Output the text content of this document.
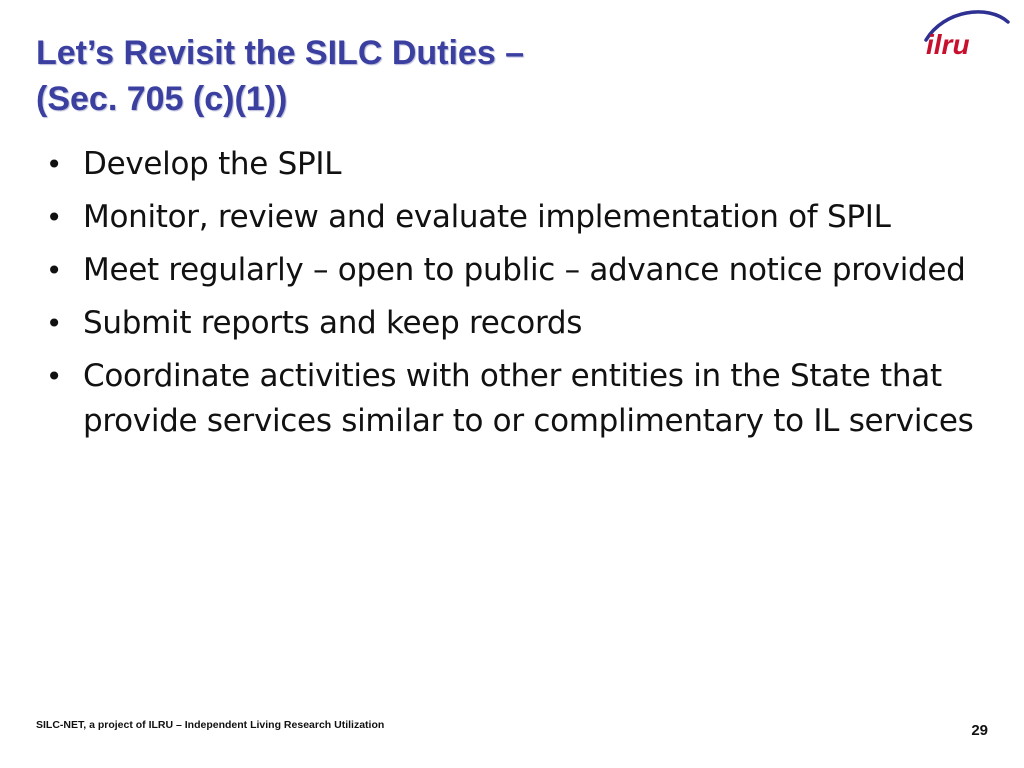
Let’s Revisit the SILC Duties –
(Sec. 705 (c)(1))
ilru
• Develop the SPIL
• Monitor, review and evaluate implementation of SPIL
• Meet regularly – open to public – advance notice provided
• Submit reports and keep records
• Coordinate activities with other entities in the State that provide services similar to or complimentary to IL services
SILC-NET, a project of ILRU – Independent Living Research Utilization	29
